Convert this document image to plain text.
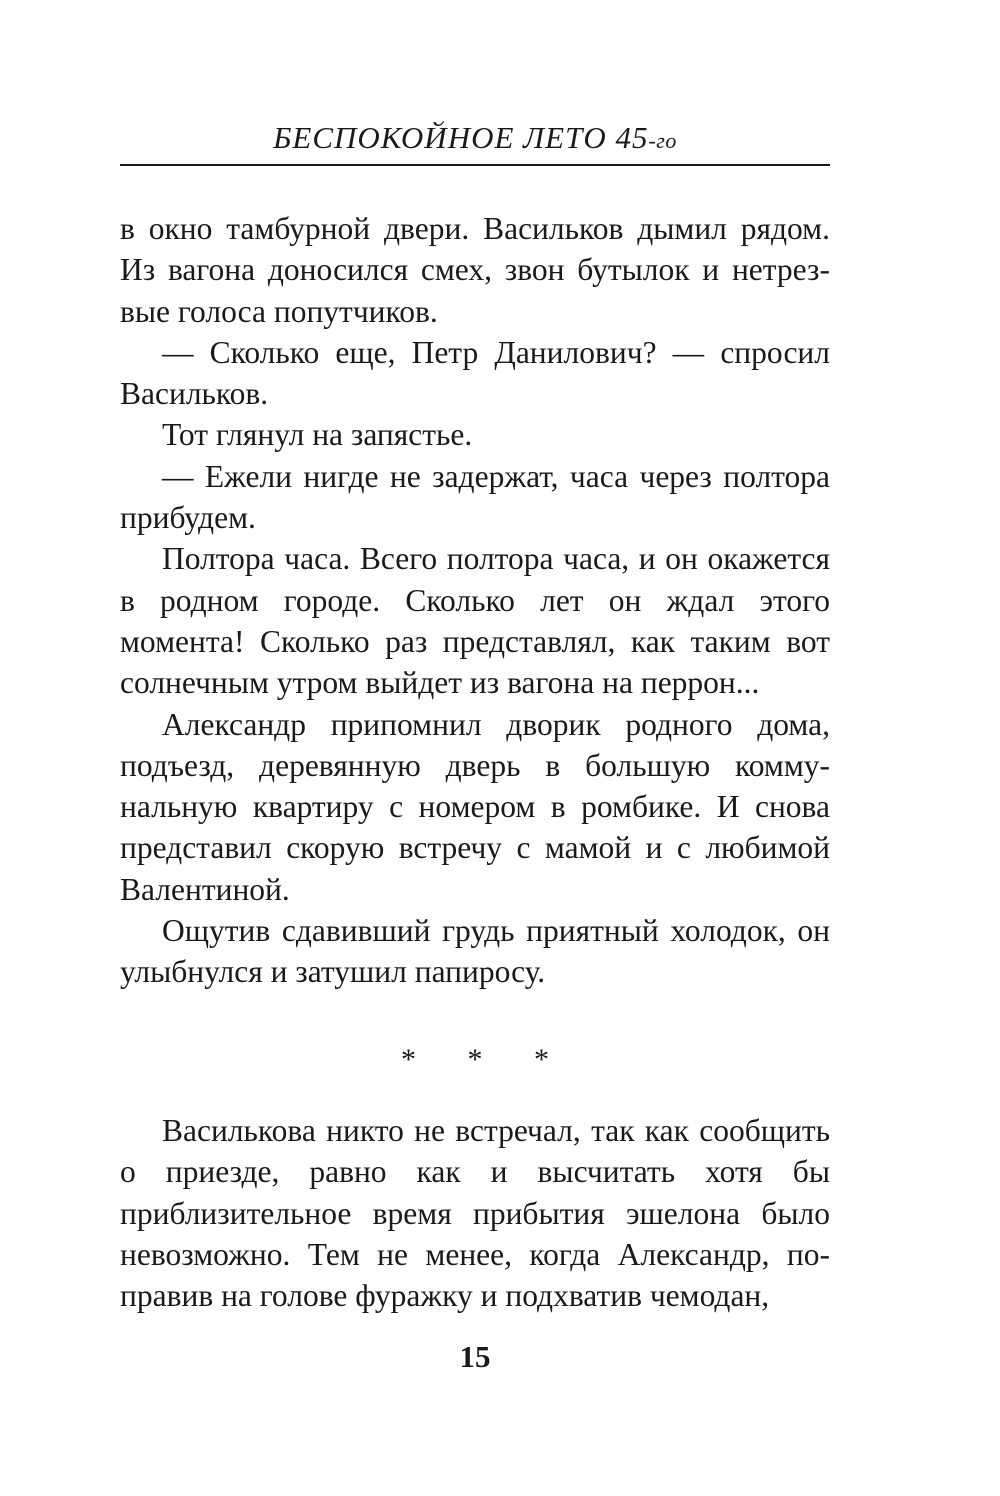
БЕСПОКОЙНОЕ ЛЕТО 45-го

в окно тамбурной двери. Васильков дымил рядом. Из вагона доносился смех, звон бутылок и нетрезвые голоса попутчиков.

— Сколько еще, Петр Данилович? — спросил Васильков.

Тот глянул на запястье.

— Ежели нигде не задержат, часа через полтора прибудем.

Полтора часа. Всего полтора часа, и он окажется в родном городе. Сколько лет он ждал этого момента! Сколько раз представлял, как таким вот солнечным утром выйдет из вагона на перрон...

Александр припомнил дворик родного дома, подъезд, деревянную дверь в большую коммунальную квартиру с номером в ромбике. И снова представил скорую встречу с мамой и с любимой Валентиной.

Ощутив сдавивший грудь приятный холодок, он улыбнулся и затушил папиросу.

* * *

Василькова никто не встречал, так как сообщить о приезде, равно как и высчитать хотя бы приблизительное время прибытия эшелона было невозможно. Тем не менее, когда Александр, поправив на голове фуражку и подхватив чемодан,

15
